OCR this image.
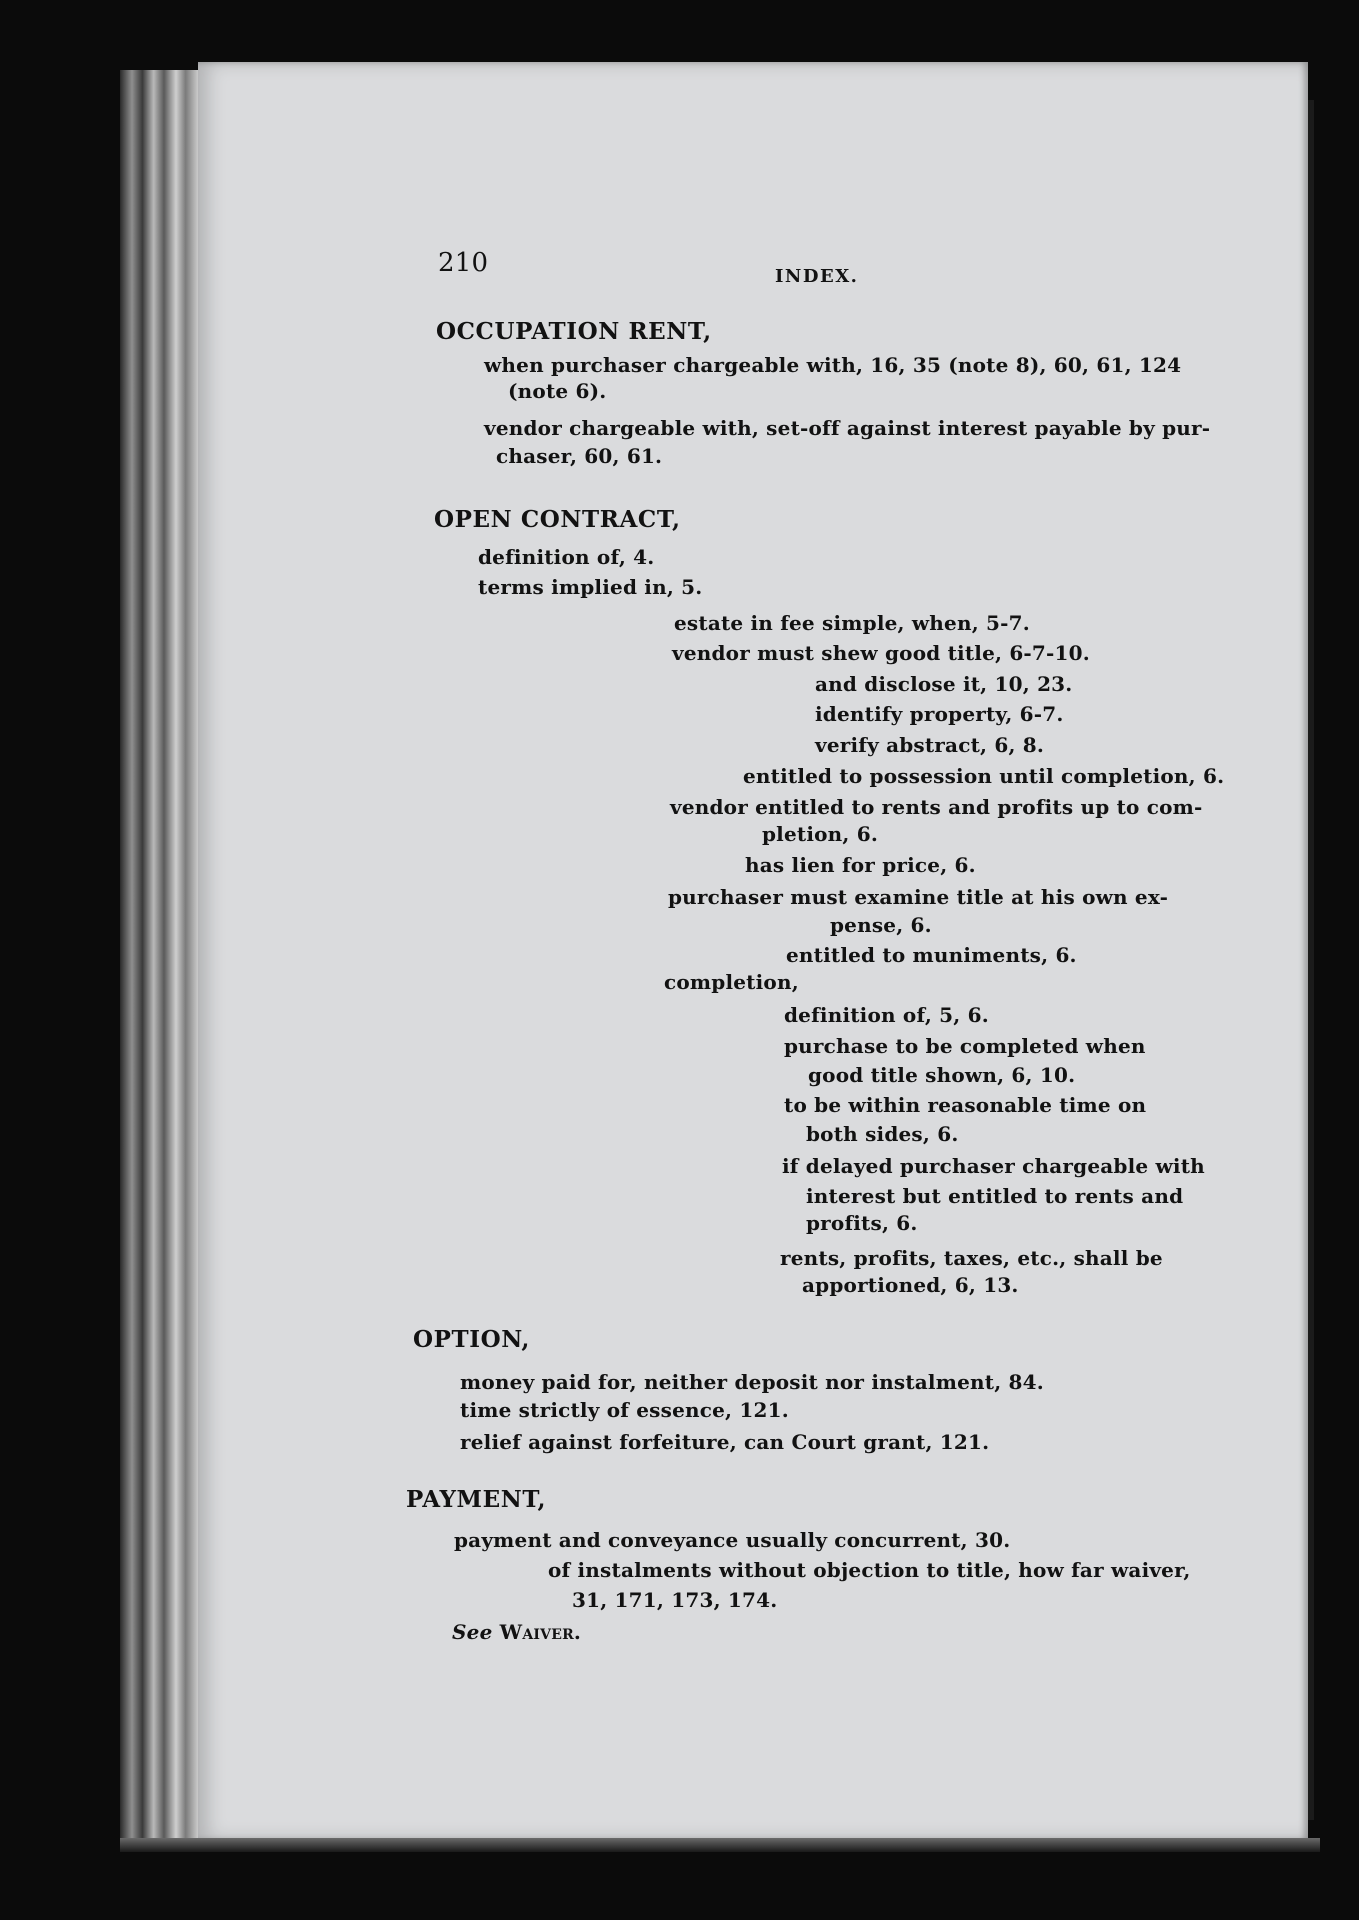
210	INDEX.
OCCUPATION RENT,
when purchaser chargeable with, 16, 35 (note 8), 60, 61, 124
(note 6).
vendor chargeable with, set-off against interest payable by pur-
chaser, 60, 61.
OPEN CONTRACT,
definition of, 4.
terms implied in, 5.
estate in fee simple, when, 5-7.
vendor must shew good title, 6-7-10.
and disclose it, 10, 23.
identify property, 6-7.
verify abstract, 6, 8.
entitled to possession until completion, 6.
vendor entitled to rents and profits up to com-
pletion, 6.
has lien for price, 6.
purchaser must examine title at his own ex-
pense, 6.
entitled to muniments, 6.
completion,
definition of, 5, 6.
purchase to be completed when
good title shown, 6, 10.
to be within reasonable time on
both sides, 6.
if delayed purchaser chargeable with
interest but entitled to rents and
profits, 6.
rents, profits, taxes, etc., shall be
apportioned, 6, 13.
OPTION,
money paid for, neither deposit nor instalment, 84.
time strictly of essence, 121.
relief against forfeiture, can Court grant, 121.
PAYMENT,
payment and conveyance usually concurrent, 30.
of instalments without objection to title, how far waiver,
31, 171, 173, 174.
See Waiver.
